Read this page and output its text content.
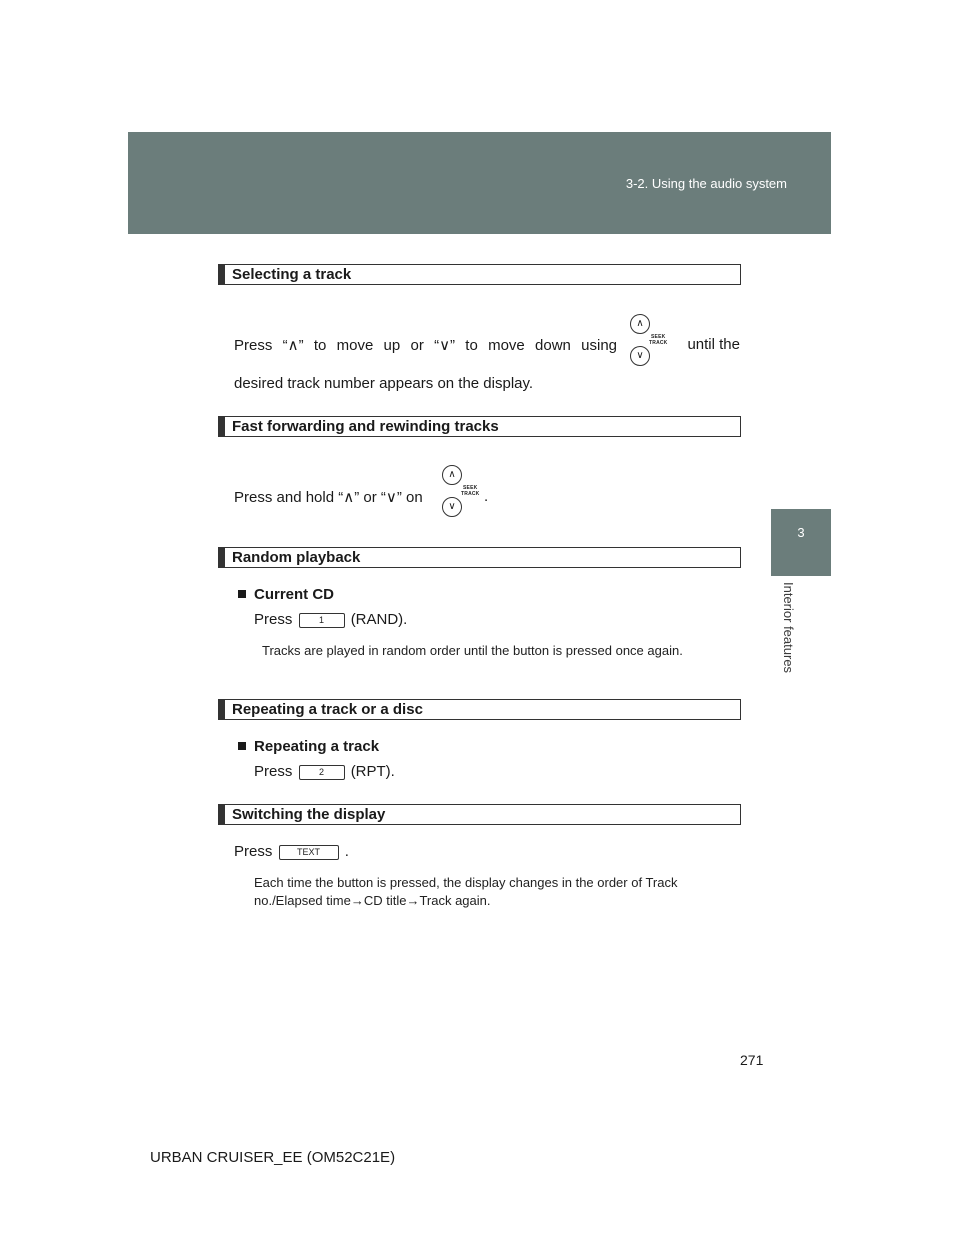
3-2. Using the audio system
3
Interior features
Selecting a track
Press “∧” to move up or “∨” to move down using
∧
SEEK
TRACK
∨
until the
desired track number appears on the display.
Fast forwarding and rewinding tracks
Press and hold “∧” or “∨” on
∧
SEEK
TRACK
∨
.
Random playback
Current CD
Press	1 (RAND).
Tracks are played in random order until the button is pressed once again.
Repeating a track or a disc
Repeating a track
Press	2 (RPT).
Switching the display
Press	TEXT .
Each time the button is pressed, the display changes in the order of Track no./Elapsed time→CD title→Track again.
271
URBAN CRUISER_EE (OM52C21E)
